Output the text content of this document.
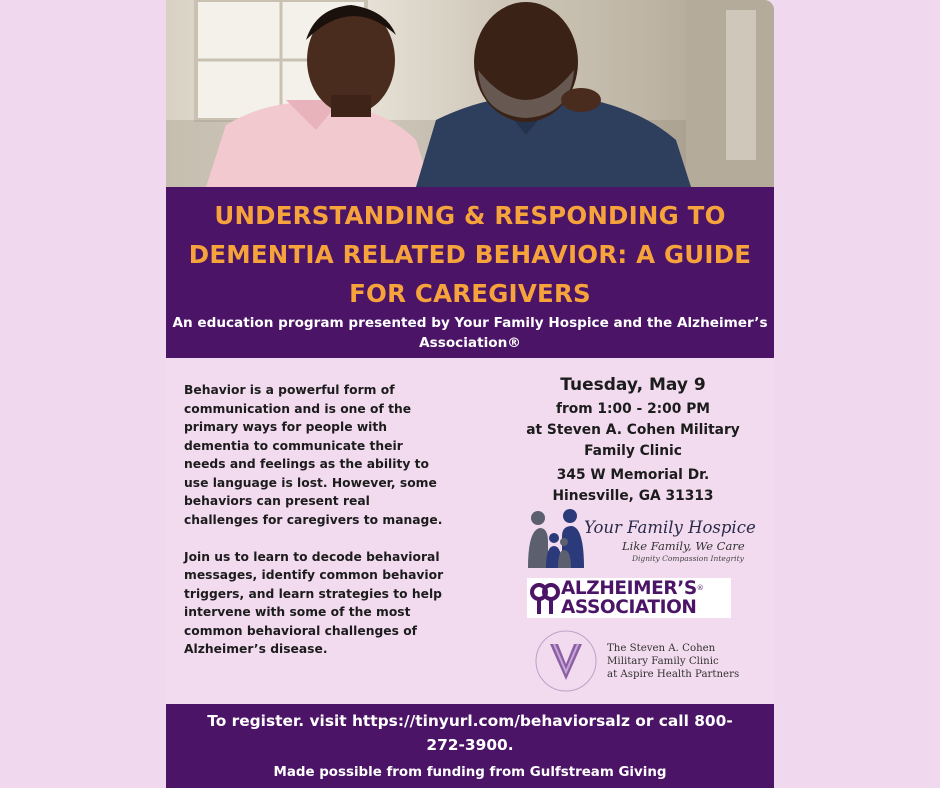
UNDERSTANDING & RESPONDING TO
DEMENTIA RELATED BEHAVIOR: A GUIDE
FOR CAREGIVERS

An education program presented by Your Family Hospice and the Alzheimer’s
Association®

Behavior is a powerful form of communication and is one of the primary ways for people with dementia to communicate their needs and feelings as the ability to use language is lost. However, some behaviors can present real challenges for caregivers to manage.

Join us to learn to decode behavioral messages, identify common behavior triggers, and learn strategies to help intervene with some of the most common behavioral challenges of Alzheimer’s disease.

Tuesday, May 9

from 1:00 - 2:00 PM

at Steven A. Cohen Military

Family Clinic

345 W Memorial Dr.

Hinesville, GA 31313

Your Family Hospice
Like Family, We Care
Dignity Compassion Integrity
ALZHEIMER’S®
ASSOCIATION
The Steven A. Cohen
Military Family Clinic
at Aspire Health Partners

To register. visit https://tinyurl.com/behaviorsalz or call 800-
272-3900.

Made possible from funding from Gulfstream Giving
